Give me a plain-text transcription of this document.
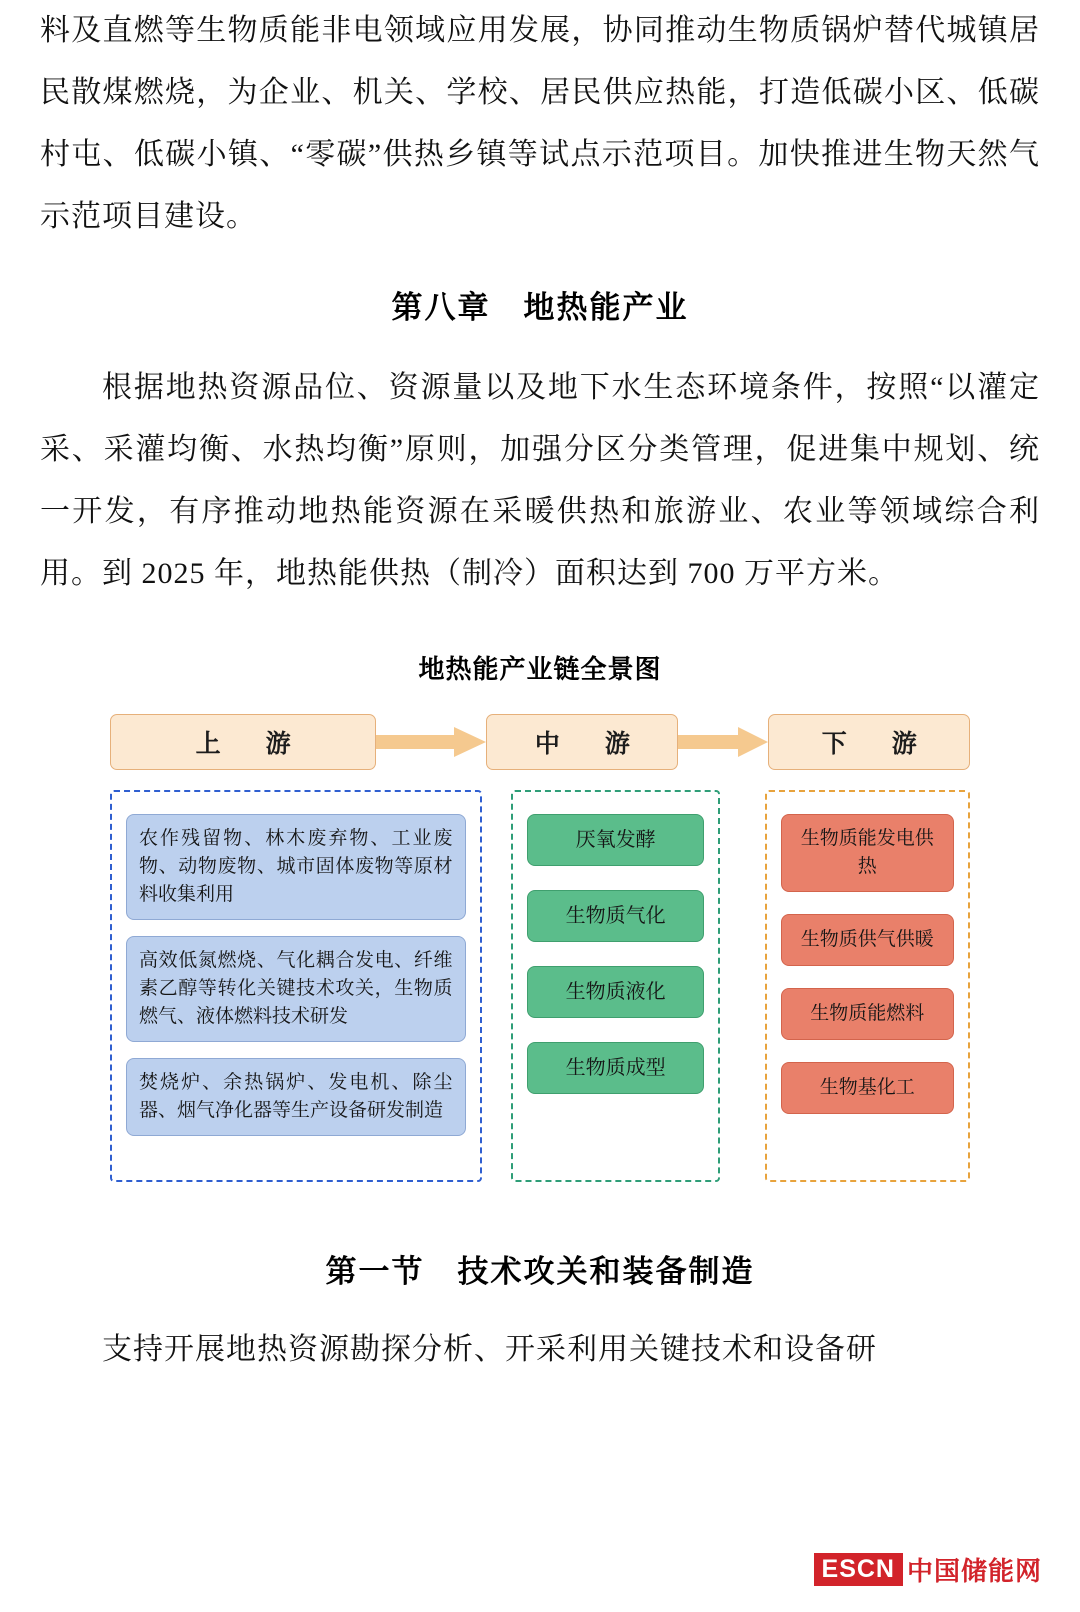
料及直燃等生物质能非电领域应用发展，协同推动生物质锅炉替代城镇居民散煤燃烧，为企业、机关、学校、居民供应热能，打造低碳小区、低碳村屯、低碳小镇、“零碳”供热乡镇等试点示范项目。加快推进生物天然气示范项目建设。

第八章　地热能产业

根据地热资源品位、资源量以及地下水生态环境条件，按照“以灌定采、采灌均衡、水热均衡”原则，加强分区分类管理，促进集中规划、统一开发，有序推动地热能资源在采暖供热和旅游业、农业等领域综合利用。到 2025 年，地热能供热（制冷）面积达到 700 万平方米。

地热能产业链全景图
上　游	中　游	下　游
农作残留物、林木废弃物、工业废物、动物废物、城市固体废物等原材料收集利用
高效低氮燃烧、气化耦合发电、纤维素乙醇等转化关键技术攻关，生物质燃气、液体燃料技术研发
焚烧炉、余热锅炉、发电机、除尘器、烟气净化器等生产设备研发制造
厌氧发酵
生物质气化
生物质液化
生物质成型
生物质能发电供热
生物质供气供暖
生物质能燃料
生物基化工
第一节　技术攻关和装备制造

支持开展地热资源勘探分析、开采利用关键技术和设备研

ESCN 中国储能网
